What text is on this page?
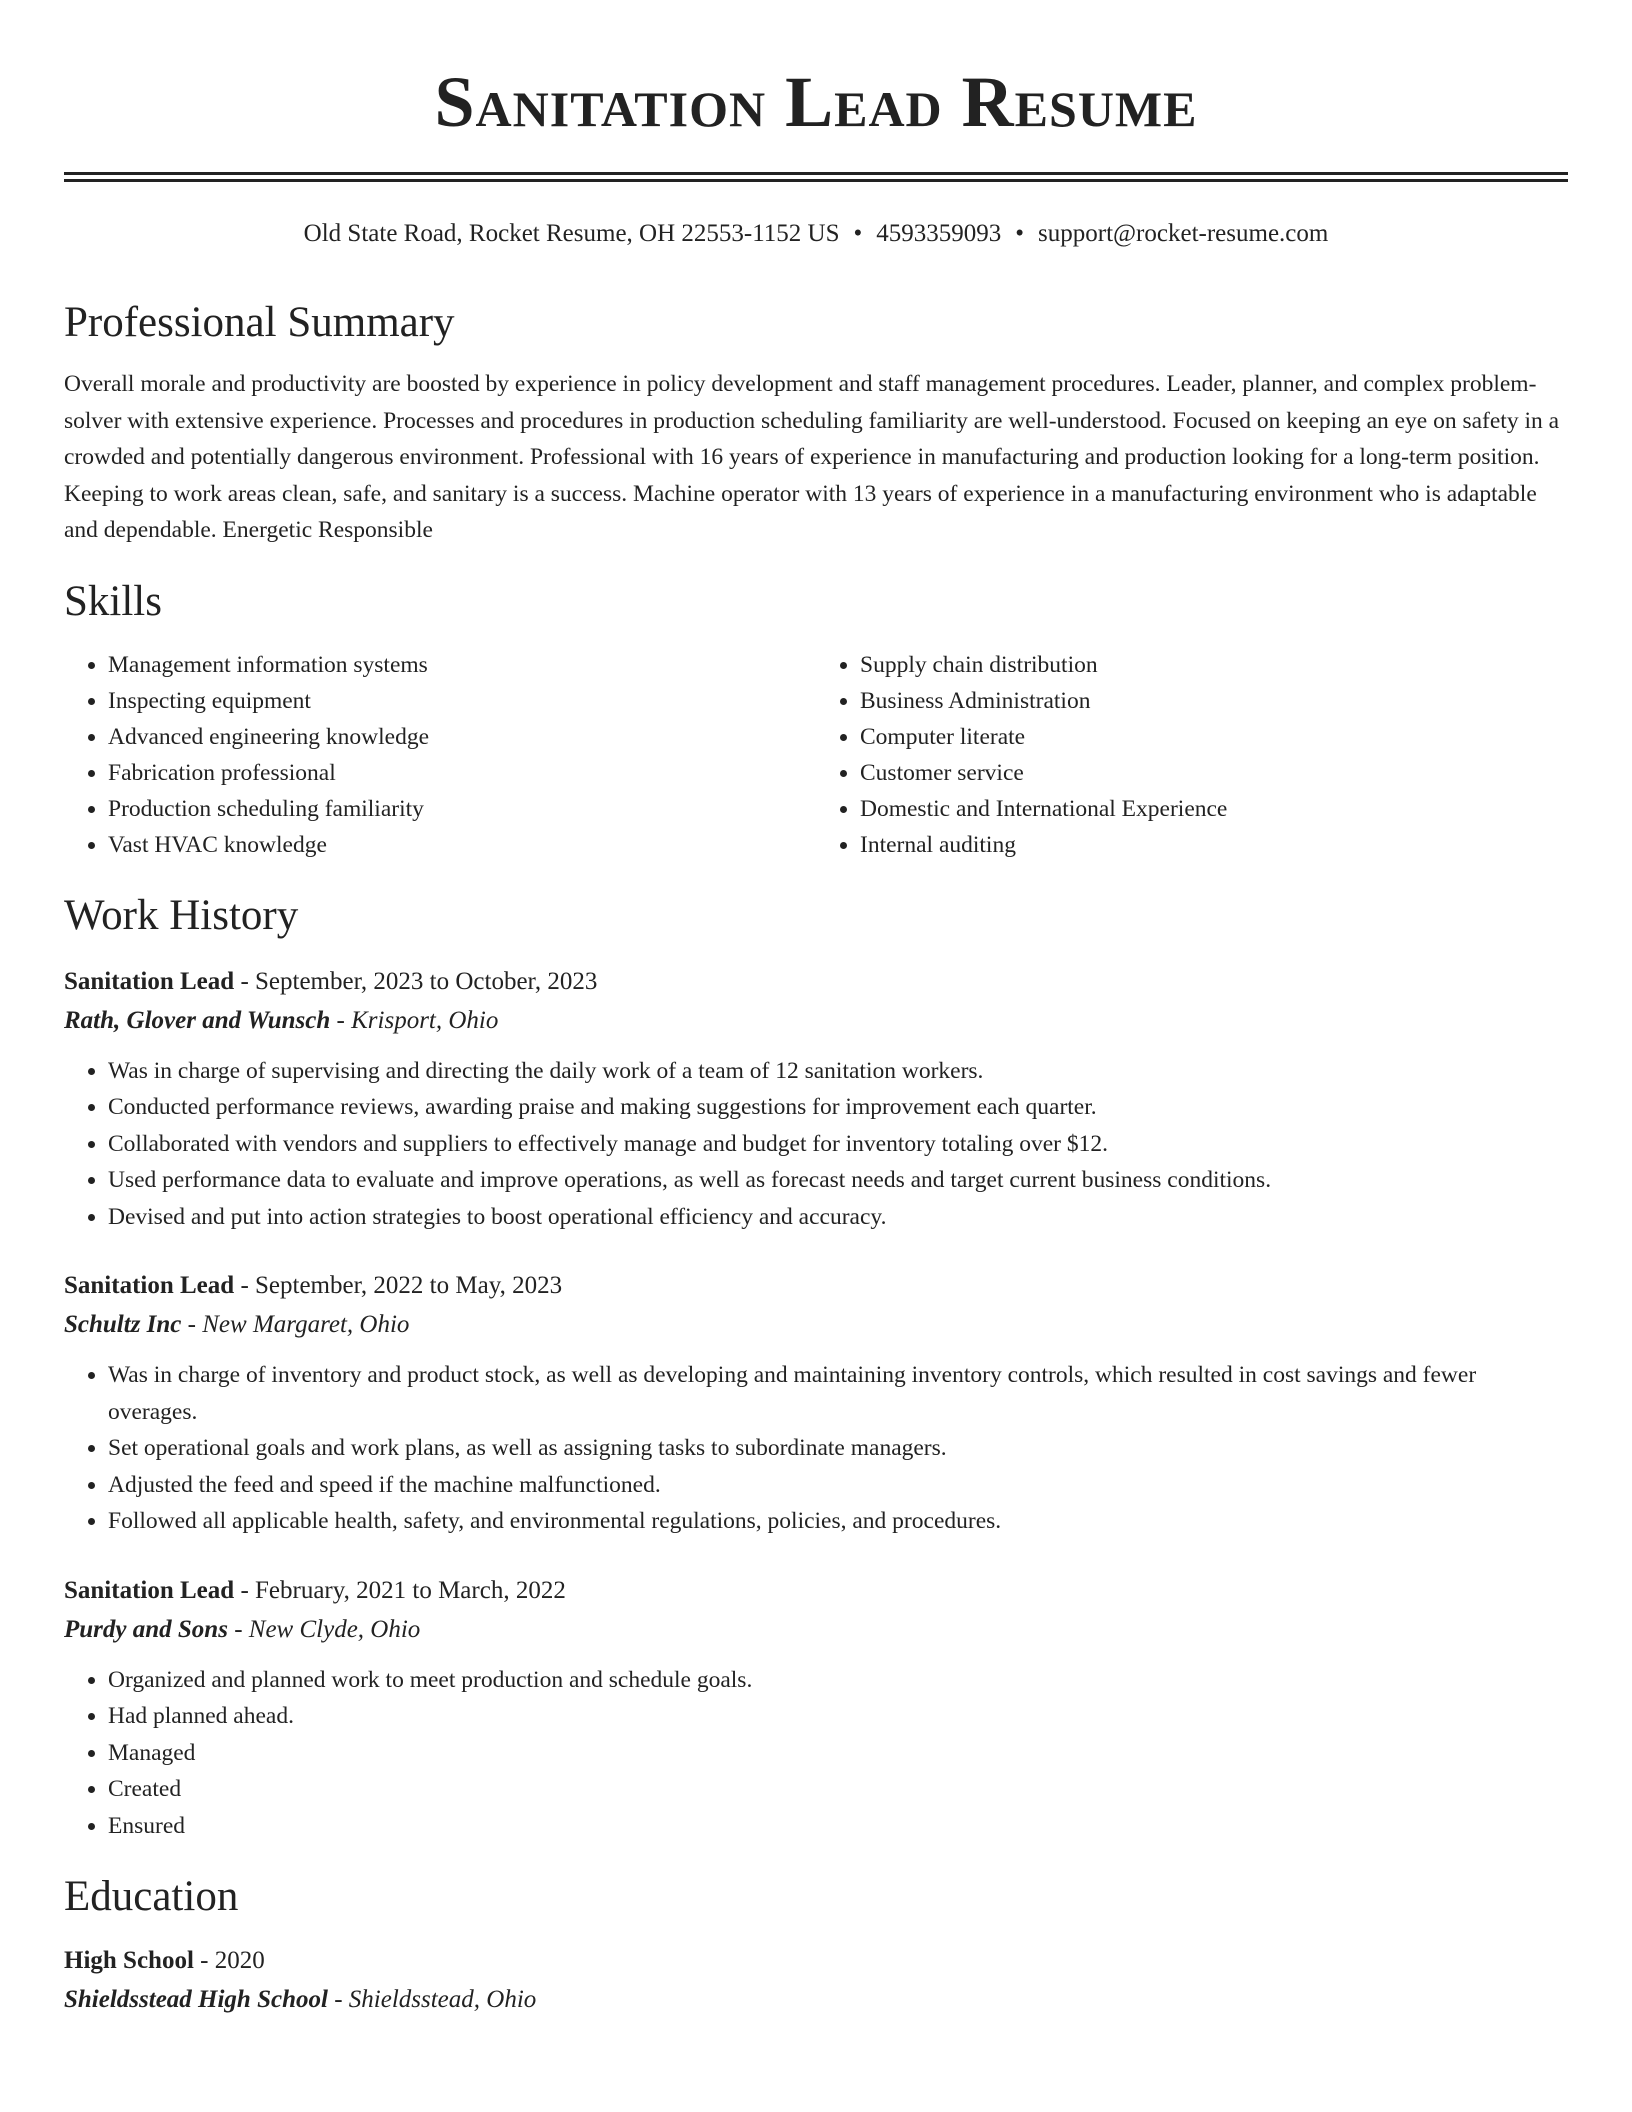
Sanitation Lead Resume
Old State Road, Rocket Resume, OH 22553-1152 US • 4593359093 • support@rocket-resume.com
Professional Summary
Overall morale and productivity are boosted by experience in policy development and staff management procedures. Leader, planner, and complex problem-solver with extensive experience. Processes and procedures in production scheduling familiarity are well-understood. Focused on keeping an eye on safety in a crowded and potentially dangerous environment. Professional with 16 years of experience in manufacturing and production looking for a long-term position. Keeping to work areas clean, safe, and sanitary is a success. Machine operator with 13 years of experience in a manufacturing environment who is adaptable and dependable. Energetic Responsible
Skills
• Management information systems
• Inspecting equipment
• Advanced engineering knowledge
• Fabrication professional
• Production scheduling familiarity
• Vast HVAC knowledge
• Supply chain distribution
• Business Administration
• Computer literate
• Customer service
• Domestic and International Experience
• Internal auditing
Work History
Sanitation Lead - September, 2023 to October, 2023
Rath, Glover and Wunsch - Krisport, Ohio
• Was in charge of supervising and directing the daily work of a team of 12 sanitation workers.
• Conducted performance reviews, awarding praise and making suggestions for improvement each quarter.
• Collaborated with vendors and suppliers to effectively manage and budget for inventory totaling over $12.
• Used performance data to evaluate and improve operations, as well as forecast needs and target current business conditions.
• Devised and put into action strategies to boost operational efficiency and accuracy.
Sanitation Lead - September, 2022 to May, 2023
Schultz Inc - New Margaret, Ohio
• Was in charge of inventory and product stock, as well as developing and maintaining inventory controls, which resulted in cost savings and fewer overages.
• Set operational goals and work plans, as well as assigning tasks to subordinate managers.
• Adjusted the feed and speed if the machine malfunctioned.
• Followed all applicable health, safety, and environmental regulations, policies, and procedures.
Sanitation Lead - February, 2021 to March, 2022
Purdy and Sons - New Clyde, Ohio
• Organized and planned work to meet production and schedule goals.
• Had planned ahead.
• Managed
• Created
• Ensured
Education
High School - 2020
Shieldsstead High School - Shieldsstead, Ohio
